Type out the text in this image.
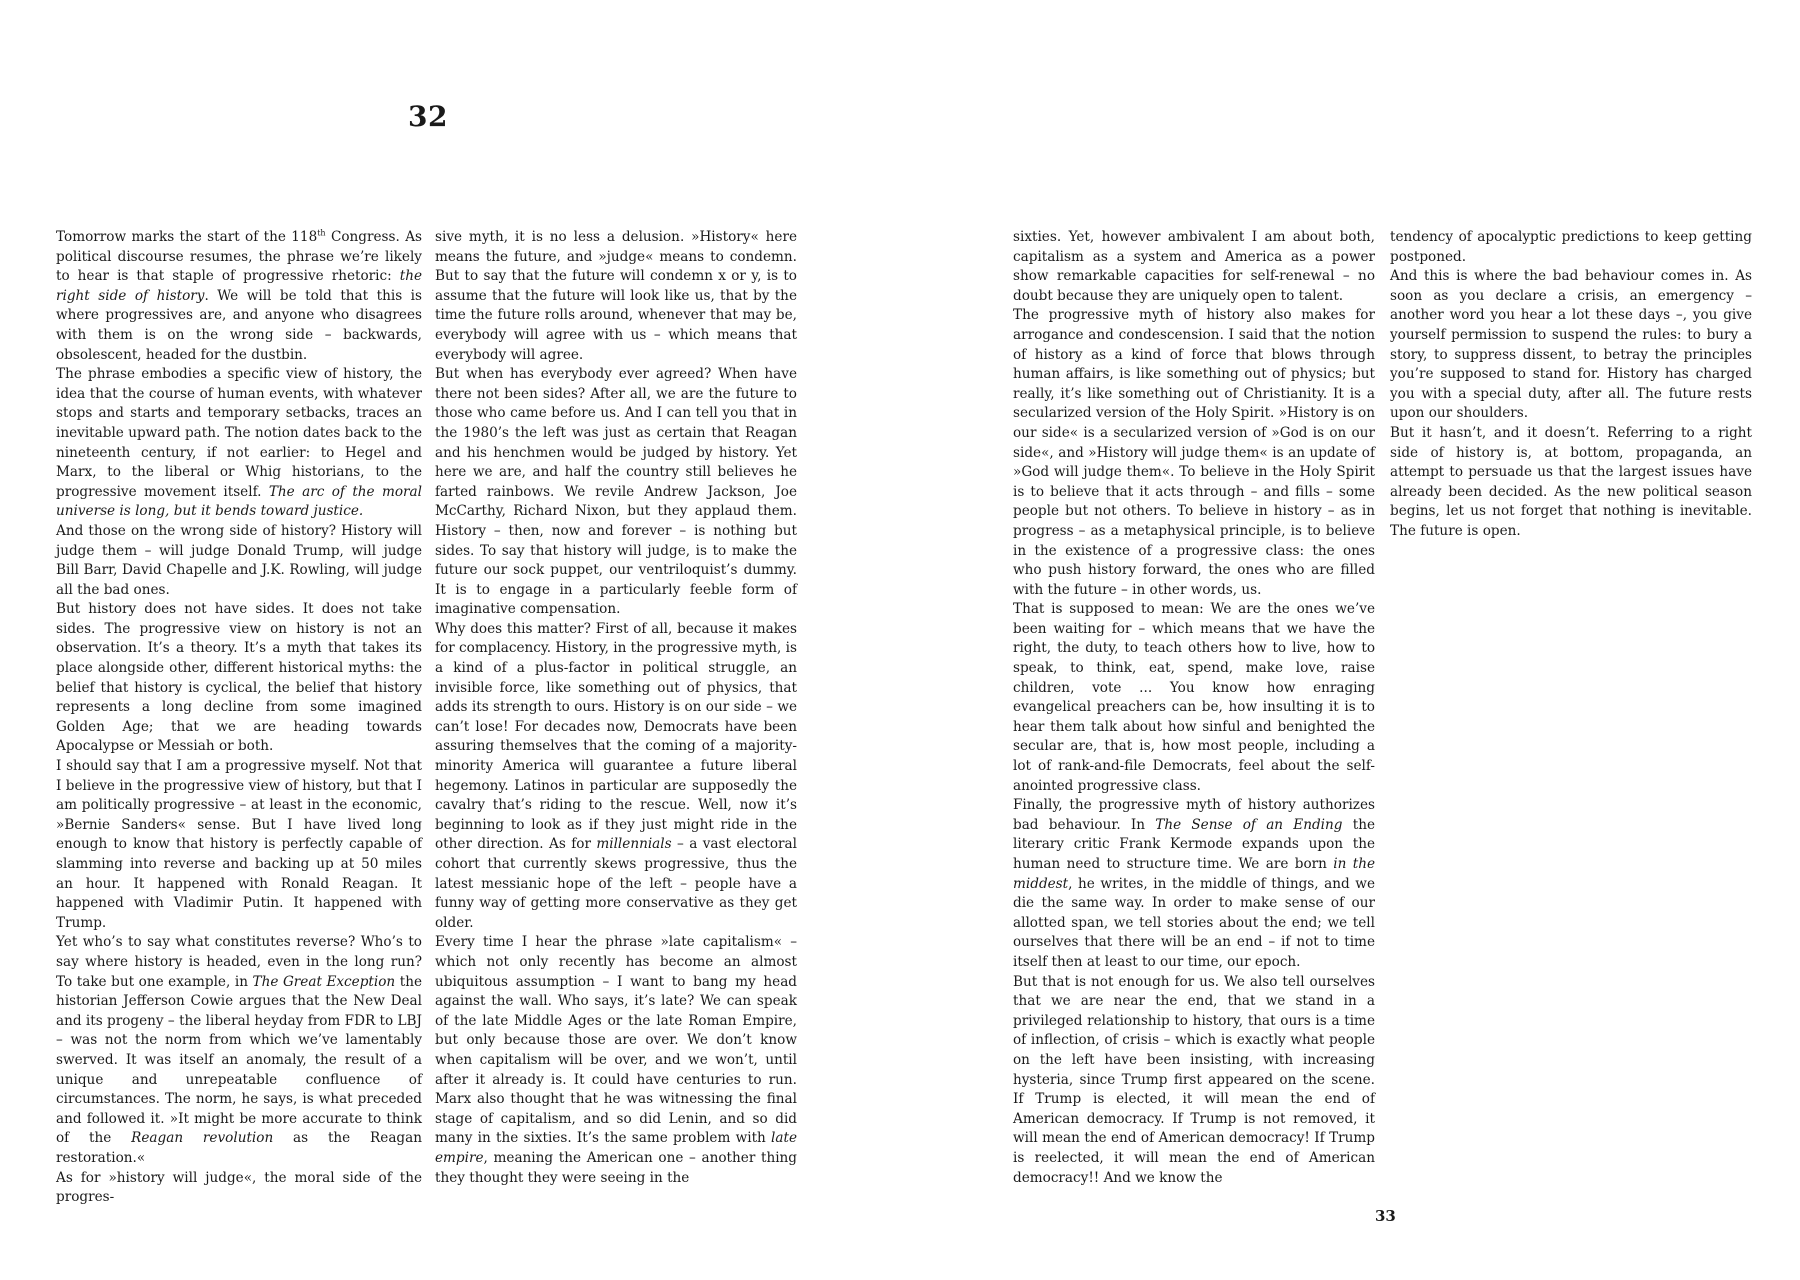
32

Tomorrow marks the start of the 118th Congress. As political discourse resumes, the phrase we’re likely to hear is that staple of progressive rhetoric: the right side of history. We will be told that this is where progressives are, and anyone who disagrees with them is on the wrong side – backwards, obsolescent, headed for the dustbin.

The phrase embodies a specific view of history, the idea that the course of human events, with whatever stops and starts and temporary setbacks, traces an inevitable upward path. The notion dates back to the nineteenth century, if not earlier: to Hegel and Marx, to the liberal or Whig historians, to the progressive movement itself. The arc of the moral universe is long, but it bends toward justice.

And those on the wrong side of history? History will judge them – will judge Donald Trump, will judge Bill Barr, David Chapelle and J.K. Rowling, will judge all the bad ones.

But history does not have sides. It does not take sides. The progressive view on history is not an observation. It’s a theory. It’s a myth that takes its place alongside other, different historical myths: the belief that history is cyclical, the belief that history represents a long decline from some imagined Golden Age; that we are heading towards Apocalypse or Messiah or both.

I should say that I am a progressive myself. Not that I believe in the progressive view of history, but that I am politically progressive – at least in the economic, »Bernie Sanders« sense. But I have lived long enough to know that history is perfectly capable of slamming into reverse and backing up at 50 miles an hour. It happened with Ronald Reagan. It happened with Vladimir Putin. It happened with Trump.

Yet who’s to say what constitutes reverse? Who’s to say where history is headed, even in the long run? To take but one example, in The Great Exception the historian Jefferson Cowie argues that the New Deal and its progeny – the liberal heyday from FDR to LBJ – was not the norm from which we’ve lamentably swerved. It was itself an anomaly, the result of a unique and unrepeatable confluence of circumstances. The norm, he says, is what preceded and followed it. »It might be more accurate to think of the Reagan revolution as the Reagan restoration.«

As for »history will judge«, the moral side of the progres-

sive myth, it is no less a delusion. »History« here means the future, and »judge« means to condemn. But to say that the future will condemn x or y, is to assume that the future will look like us, that by the time the future rolls around, whenever that may be, everybody will agree with us – which means that everybody will agree.

But when has everybody ever agreed? When have there not been sides? After all, we are the future to those who came before us. And I can tell you that in the 1980’s the left was just as certain that Reagan and his henchmen would be judged by history. Yet here we are, and half the country still believes he farted rainbows. We revile Andrew Jackson, Joe McCarthy, Richard Nixon, but they applaud them. History – then, now and forever – is nothing but sides. To say that history will judge, is to make the future our sock puppet, our ventriloquist’s dummy. It is to engage in a particularly feeble form of imaginative compensation.

Why does this matter? First of all, because it makes for complacency. History, in the progressive myth, is a kind of a plus-factor in political struggle, an invisible force, like something out of physics, that adds its strength to ours. History is on our side – we can’t lose! For decades now, Democrats have been assuring themselves that the coming of a majority-minority America will guarantee a future liberal hegemony. Latinos in particular are supposedly the cavalry that’s riding to the rescue. Well, now it’s beginning to look as if they just might ride in the other direction. As for millennials – a vast electoral cohort that currently skews progressive, thus the latest messianic hope of the left – people have a funny way of getting more conservative as they get older.

Every time I hear the phrase »late capitalism« – which not only recently has become an almost ubiquitous assumption – I want to bang my head against the wall. Who says, it’s late? We can speak of the late Middle Ages or the late Roman Empire, but only because those are over. We don’t know when capitalism will be over, and we won’t, until after it already is. It could have centuries to run. Marx also thought that he was witnessing the final stage of capitalism, and so did Lenin, and so did many in the sixties. It’s the same problem with late empire, meaning the American one – another thing they thought they were seeing in the

sixties. Yet, however ambivalent I am about both, capitalism as a system and America as a power show remarkable capacities for self-renewal – no doubt because they are uniquely open to talent.

The progressive myth of history also makes for arrogance and condescension. I said that the notion of history as a kind of force that blows through human affairs, is like something out of physics; but really, it’s like something out of Christianity. It is a secularized version of the Holy Spirit. »History is on our side« is a secularized version of »God is on our side«, and »History will judge them« is an update of »God will judge them«. To believe in the Holy Spirit is to believe that it acts through – and fills – some people but not others. To believe in history – as in progress – as a metaphysical principle, is to believe in the existence of a progressive class: the ones who push history forward, the ones who are filled with the future – in other words, us.

That is supposed to mean: We are the ones we’ve been waiting for – which means that we have the right, the duty, to teach others how to live, how to speak, to think, eat, spend, make love, raise children, vote ... You know how enraging evangelical preachers can be, how insulting it is to hear them talk about how sinful and benighted the secular are, that is, how most people, including a lot of rank-and-file Democrats, feel about the self-anointed progressive class.

Finally, the progressive myth of history authorizes bad behaviour. In The Sense of an Ending the literary critic Frank Kermode expands upon the human need to structure time. We are born in the middest, he writes, in the middle of things, and we die the same way. In order to make sense of our allotted span, we tell stories about the end; we tell ourselves that there will be an end – if not to time itself then at least to our time, our epoch.

But that is not enough for us. We also tell ourselves that we are near the end, that we stand in a privileged relationship to history, that ours is a time of inflection, of crisis – which is exactly what people on the left have been insisting, with increasing hysteria, since Trump first appeared on the scene. If Trump is elected, it will mean the end of American democracy. If Trump is not removed, it will mean the end of American democracy! If Trump is reelected, it will mean the end of American democracy!! And we know the

tendency of apocalyptic predictions to keep getting postponed.

And this is where the bad behaviour comes in. As soon as you declare a crisis, an emergency – another word you hear a lot these days –, you give yourself permission to suspend the rules: to bury a story, to suppress dissent, to betray the principles you’re supposed to stand for. History has charged you with a special duty, after all. The future rests upon our shoulders.

But it hasn’t, and it doesn’t. Referring to a right side of history is, at bottom, propaganda, an attempt to persuade us that the largest issues have already been decided. As the new political season begins, let us not forget that nothing is inevitable. The future is open.

33
